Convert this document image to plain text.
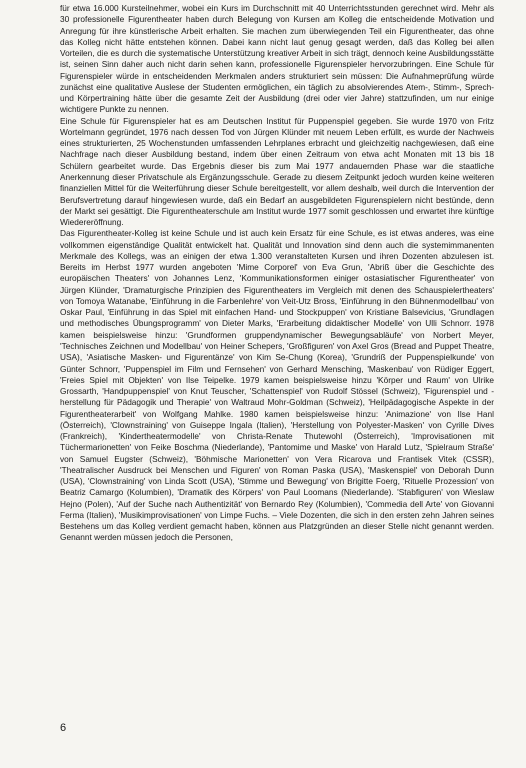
für etwa 16.000 Kursteilnehmer, wobei ein Kurs im Durchschnitt mit 40 Unterrichtsstunden gerechnet wird. Mehr als 30 professionelle Figurentheater haben durch Belegung von Kursen am Kolleg die entscheidende Motivation und Anregung für ihre künstlerische Arbeit erhalten. Sie machen zum überwiegenden Teil ein Figurentheater, das ohne das Kolleg nicht hätte entstehen können. Dabei kann nicht laut genug gesagt werden, daß das Kolleg bei allen Vorteilen, die es durch die systematische Unterstützung kreativer Arbeit in sich trägt, dennoch keine Ausbildungsstätte ist, seinen Sinn daher auch nicht darin sehen kann, professionelle Figurenspieler hervorzubringen. Eine Schule für Figurenspieler würde in entscheidenden Merkmalen anders strukturiert sein müssen: Die Aufnahmeprüfung würde zunächst eine qualitative Auslese der Studenten ermöglichen, ein täglich zu absolvierendes Atem-, Stimm-, Sprech- und Körpertraining hätte über die gesamte Zeit der Ausbildung (drei oder vier Jahre) stattzufinden, um nur einige wichtigere Punkte zu nennen.

Eine Schule für Figurenspieler hat es am Deutschen Institut für Puppenspiel gegeben. Sie wurde 1970 von Fritz Wortelmann gegründet, 1976 nach dessen Tod von Jürgen Klünder mit neuem Leben erfüllt, es wurde der Nachweis eines strukturierten, 25 Wochenstunden umfassenden Lehrplanes erbracht und gleichzeitig nachgewiesen, daß eine Nachfrage nach dieser Ausbildung bestand, indem über einen Zeitraum von etwa acht Monaten mit 13 bis 18 Schülern gearbeitet wurde. Das Ergebnis dieser bis zum Mai 1977 andauernden Phase war die staatliche Anerkennung dieser Privatschule als Ergänzungsschule. Gerade zu diesem Zeitpunkt jedoch wurden keine weiteren finanziellen Mittel für die Weiterführung dieser Schule bereitgestellt, vor allem deshalb, weil durch die Intervention der Berufsvertretung darauf hingewiesen wurde, daß ein Bedarf an ausgebildeten Figurenspielern nicht bestünde, denn der Markt sei gesättigt. Die Figurentheaterschule am Institut wurde 1977 somit geschlossen und erwartet ihre künftige Wiedereröffnung.

Das Figurentheater-Kolleg ist keine Schule und ist auch kein Ersatz für eine Schule, es ist etwas anderes, was eine vollkommen eigenständige Qualität entwickelt hat. Qualität und Innovation sind denn auch die systemimmanenten Merkmale des Kollegs, was an einigen der etwa 1.300 veranstalteten Kursen und ihren Dozenten abzulesen ist. Bereits im Herbst 1977 wurden angeboten 'Mime Corporel' von Eva Grun, 'Abriß über die Geschichte des europäischen Theaters' von Johannes Lenz, 'Kommunikationsformen einiger ostasiatischer Figurentheater' von Jürgen Klünder, 'Dramaturgische Prinzipien des Figurentheaters im Vergleich mit denen des Schauspielertheaters' von Tomoya Watanabe, 'Einführung in die Farbenlehre' von Veit-Utz Bross, 'Einführung in den Bühnenmodellbau' von Oskar Paul, 'Einführung in das Spiel mit einfachen Hand- und Stockpuppen' von Kristiane Balsevicius, 'Grundlagen und methodisches Übungsprogramm' von Dieter Marks, 'Erarbeitung didaktischer Modelle' von Ulli Schnorr. 1978 kamen beispielsweise hinzu: 'Grundformen gruppendynamischer Bewegungsabläufe' von Norbert Meyer, 'Technisches Zeichnen und Modellbau' von Heiner Schepers, 'Großfiguren' von Axel Gros (Bread and Puppet Theatre, USA), 'Asiatische Masken- und Figurentänze' von Kim Se-Chung (Korea), 'Grundriß der Puppenspielkunde' von Günter Schnorr, 'Puppenspiel im Film und Fernsehen' von Gerhard Mensching, 'Maskenbau' von Rüdiger Eggert, 'Freies Spiel mit Objekten' von Ilse Teipelke. 1979 kamen beispielsweise hinzu 'Körper und Raum' von Ulrike Grossarth, 'Handpuppenspiel' von Knut Teuscher, 'Schattenspiel' von Rudolf Stössel (Schweiz), 'Figurenspiel und -herstellung für Pädagogik und Therapie' von Waltraud Mohr-Goldman (Schweiz), 'Heilpädagogische Aspekte in der Figurentheaterarbeit' von Wolfgang Mahlke. 1980 kamen beispielsweise hinzu: 'Animazione' von Ilse Hanl (Österreich), 'Clownstraining' von Guiseppe Ingala (Italien), 'Herstellung von Polyester-Masken' von Cyrille Dives (Frankreich), 'Kindertheatermodelle' von Christa-Renate Thutewohl (Österreich), 'Improvisationen mit Tüchermarionetten' von Feike Boschma (Niederlande), 'Pantomime und Maske' von Harald Lutz, 'Spielraum Straße' von Samuel Eugster (Schweiz), 'Böhmische Marionetten' von Vera Ricarova und Frantisek Vitek (CSSR), 'Theatralischer Ausdruck bei Menschen und Figuren' von Roman Paska (USA), 'Maskenspiel' von Deborah Dunn (USA), 'Clownstraining' von Linda Scott (USA), 'Stimme und Bewegung' von Brigitte Foerg, 'Rituelle Prozession' von Beatriz Camargo (Kolumbien), 'Dramatik des Körpers' von Paul Loomans (Niederlande). 'Stabfiguren' von Wieslaw Hejno (Polen), 'Auf der Suche nach Authentizität' von Bernardo Rey (Kolumbien), 'Commedia dell Arte' von Giovanni Ferma (Italien), 'Musikimprovisationen' von Limpe Fuchs. – Viele Dozenten, die sich in den ersten zehn Jahren seines Bestehens um das Kolleg verdient gemacht haben, können aus Platzgründen an dieser Stelle nicht genannt werden. Genannt werden müssen jedoch die Personen,

6
